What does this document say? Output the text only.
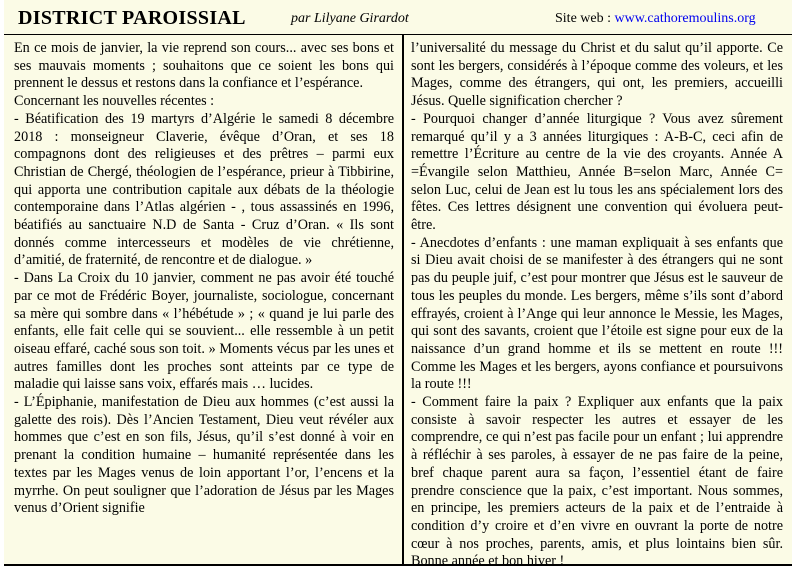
DISTRICT PAROISSIAL	par Lilyane Girardot	Site web : www.cathoremoulins.org

En ce mois de janvier, la vie reprend son cours... avec ses bons et ses mauvais moments ; souhaitons que ce soient les bons qui prennent le dessus et restons dans la confiance et l’espérance.

Concernant les nouvelles récentes :

- Béatification des 19 martyrs d’Algérie le samedi 8 décembre 2018 : monseigneur Claverie, évêque d’Oran, et ses 18 compagnons dont des religieuses et des prêtres – parmi eux Christian de Chergé, théologien de l’espérance, prieur à Tibbirine, qui apporta une contribution capitale aux débats de la théologie contemporaine dans l’Atlas algérien - , tous assassinés en 1996, béatifiés au sanctuaire N.D de Santa - Cruz d’Oran. « Ils sont donnés comme intercesseurs et modèles de vie chrétienne, d’amitié, de fraternité, de rencontre et de dialogue. »

- Dans La Croix du 10 janvier, comment ne pas avoir été touché par ce mot de Frédéric Boyer, journaliste, sociologue, concernant sa mère qui sombre dans « l’hébétude » ; « quand je lui parle des enfants, elle fait celle qui se souvient... elle ressemble à un petit oiseau effaré, caché sous son toit. » Moments vécus par les unes et autres familles dont les proches sont atteints par ce type de maladie qui laisse sans voix, effarés mais … lucides.

- L’Épiphanie, manifestation de Dieu aux hommes (c’est aussi la galette des rois). Dès l’Ancien Testament, Dieu veut révéler aux hommes que c’est en son fils, Jésus, qu’il s’est donné à voir en prenant la condition humaine – humanité représentée dans les textes par les Mages venus de loin apportant l’or, l’encens et la myrrhe. On peut souligner que l’adoration de Jésus par les Mages venus d’Orient signifie

l’universalité du message du Christ et du salut qu’il apporte. Ce sont les bergers, considérés à l’époque comme des voleurs, et les Mages, comme des étrangers, qui ont, les premiers, accueilli Jésus. Quelle signification chercher ?

- Pourquoi changer d’année liturgique ? Vous avez sûrement remarqué qu’il y a 3 années liturgiques : A-B-C, ceci afin de remettre l’Écriture au centre de la vie des croyants. Année A =Évangile selon Matthieu, Année B=selon Marc, Année C= selon Luc, celui de Jean est lu tous les ans spécialement lors des fêtes. Ces lettres désignent une convention qui évoluera peut-être.

- Anecdotes d’enfants : une maman expliquait à ses enfants que si Dieu avait choisi de se manifester à des étrangers qui ne sont pas du peuple juif, c’est pour montrer que Jésus est le sauveur de tous les peuples du monde. Les bergers, même s’ils sont d’abord effrayés, croient à l’Ange qui leur annonce le Messie, les Mages, qui sont des savants, croient que l’étoile est signe pour eux de la naissance d’un grand homme et ils se mettent en route !!! Comme les Mages et les bergers, ayons confiance et poursuivons la route !!!

- Comment faire la paix ? Expliquer aux enfants que la paix consiste à savoir respecter les autres et essayer de les comprendre, ce qui n’est pas facile pour un enfant ; lui apprendre à réfléchir à ses paroles, à essayer de ne pas faire de la peine, bref chaque parent aura sa façon, l’essentiel étant de faire prendre conscience que la paix, c’est important. Nous sommes, en principe, les premiers acteurs de la paix et de l’entraide à condition d’y croire et d’en vivre en ouvrant la porte de notre cœur à nos proches, parents, amis, et plus lointains bien sûr. Bonne année et bon hiver !
